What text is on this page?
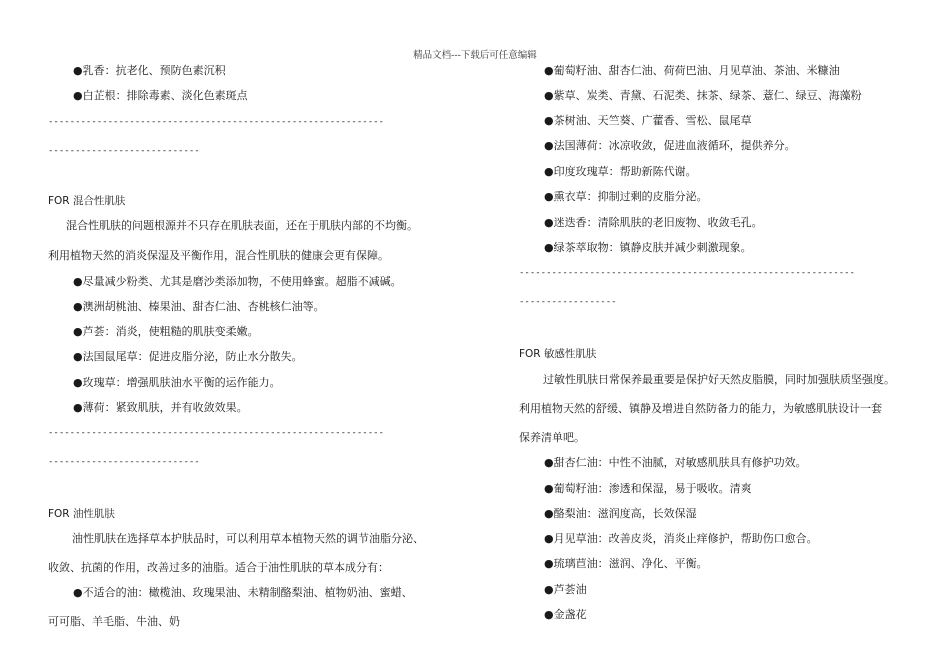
精品文档---下载后可任意编辑
●乳香：抗老化、预防色素沉积
●白芷根：排除毒素、淡化色素斑点
--------------------------------------------------------------
----------------------------
FOR 混合性肌肤
混合性肌肤的问题根源并不只存在肌肤表面，还在于肌肤内部的不均衡。
利用植物天然的消炎保湿及平衡作用，混合性肌肤的健康会更有保障。
●尽量减少粉类、尤其是磨沙类添加物，不使用蜂蜜。超脂不减碱。
●澳洲胡桃油、榛果油、甜杏仁油、杏桃核仁油等。
●芦荟：消炎，使粗糙的肌肤变柔嫩。
●法国鼠尾草：促进皮脂分泌，防止水分散失。
●玫瑰草：增强肌肤油水平衡的运作能力。
●薄荷：紧致肌肤，并有收敛效果。
--------------------------------------------------------------
----------------------------
FOR 油性肌肤
油性肌肤在选择草本护肤品时，可以利用草本植物天然的调节油脂分泌、
收敛、抗菌的作用，改善过多的油脂。适合于油性肌肤的草本成分有：
●不适合的油：橄榄油、玫瑰果油、未精制酪梨油、植物奶油、蜜蜡、
可可脂、羊毛脂、牛油、奶
●葡萄籽油、甜杏仁油、荷荷巴油、月见草油、茶油、米糠油
●紫草、炭类、青黛、石泥类、抹茶、绿茶、薏仁、绿豆、海藻粉
●茶树油、天竺葵、广藿香、雪松、鼠尾草
●法国薄荷：冰凉收敛，促进血液循环，提供养分。
●印度玫瑰草：帮助新陈代谢。
●熏衣草：抑制过剩的皮脂分泌。
●迷迭香：清除肌肤的老旧废物、收敛毛孔。
●绿茶萃取物：镇静皮肤并减少刺激现象。
--------------------------------------------------------------
------------------
FOR 敏感性肌肤
过敏性肌肤日常保养最重要是保护好天然皮脂膜，同时加强肤质坚强度。
利用植物天然的舒缓、镇静及增进自然防备力的能力，为敏感肌肤设计一套
保养清单吧。
●甜杏仁油：中性不油腻，对敏感肌肤具有修护功效。
●葡萄籽油：渗透和保湿，易于吸收。清爽
●酪梨油：滋润度高，长效保湿
●月见草油：改善皮炎，消炎止痒修护，帮助伤口愈合。
●琉璃苣油：滋润、净化、平衡。
●芦荟油
●金盏花
